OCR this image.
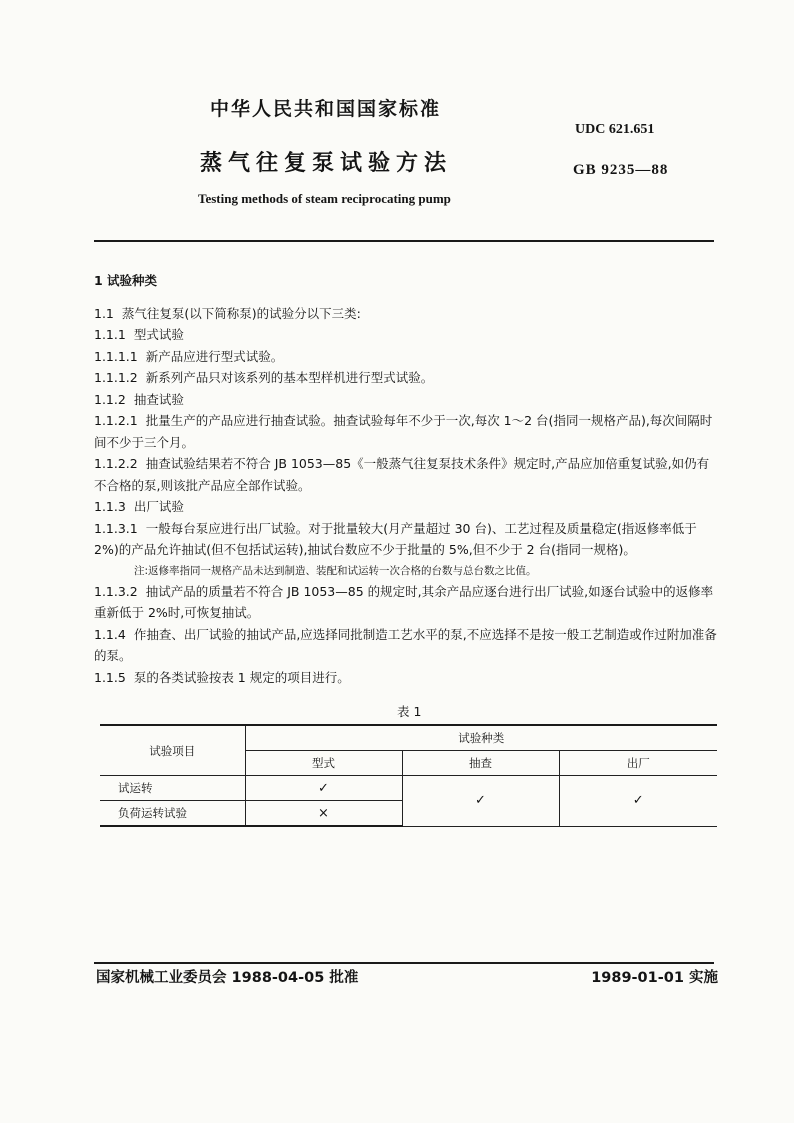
中华人民共和国国家标准
UDC 621.651
蒸气往复泵试验方法	GB 9235—88
Testing methods of steam reciprocating pump

1 试验种类

1.1 蒸气往复泵(以下简称泵)的试验分以下三类:

1.1.1 型式试验

1.1.1.1 新产品应进行型式试验。

1.1.1.2 新系列产品只对该系列的基本型样机进行型式试验。

1.1.2 抽查试验

1.1.2.1 批量生产的产品应进行抽查试验。抽查试验每年不少于一次,每次 1～2 台(指同一规格产品),每次间隔时间不少于三个月。

1.1.2.2 抽查试验结果若不符合 JB 1053—85《一般蒸气往复泵技术条件》规定时,产品应加倍重复试验,如仍有不合格的泵,则该批产品应全部作试验。

1.1.3 出厂试验

1.1.3.1 一般每台泵应进行出厂试验。对于批量较大(月产量超过 30 台)、工艺过程及质量稳定(指返修率低于 2%)的产品允许抽试(但不包括试运转),抽试台数应不少于批量的 5%,但不少于 2 台(指同一规格)。

注:返修率指同一规格产品未达到制造、装配和试运转一次合格的台数与总台数之比值。

1.1.3.2 抽试产品的质量若不符合 JB 1053—85 的规定时,其余产品应逐台进行出厂试验,如逐台试验中的返修率重新低于 2%时,可恢复抽试。

1.1.4 作抽查、出厂试验的抽试产品,应选择同批制造工艺水平的泵,不应选择不是按一般工艺制造或作过附加准备的泵。

1.1.5 泵的各类试验按表 1 规定的项目进行。

表 1
试验项目	试验种类		
	型式	抽查	出厂
试运转	✓	✓	✓
负荷运转试验	×		
国家机械工业委员会 1988-04-05 批准	1989-01-01 实施
